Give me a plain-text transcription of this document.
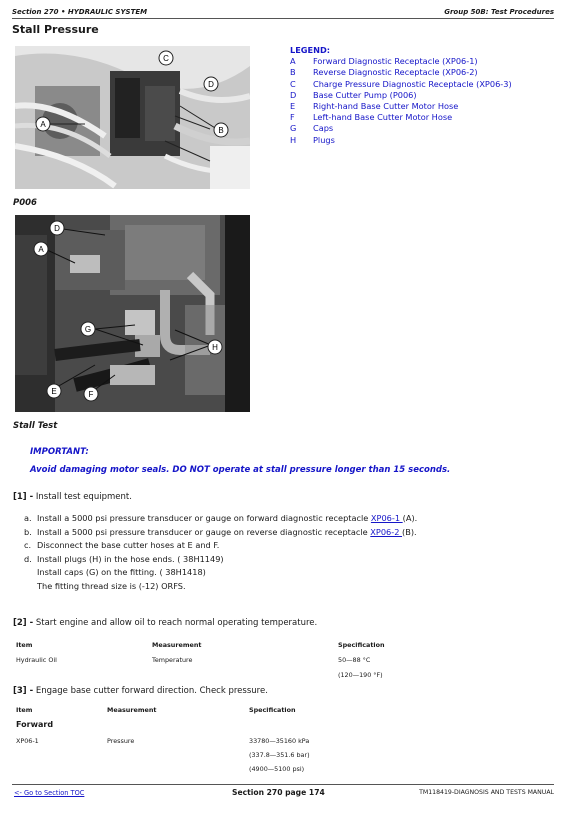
Section 270 • HYDRAULIC SYSTEM	Group 50B: Test Procedures
Stall Pressure
A
B
C
D
LEGEND:
A	Forward Diagnostic Receptacle (XP06-1)
B	Reverse Diagnostic Receptacle (XP06-2)
C	Charge Pressure Diagnostic Receptacle (XP06-3)
D	Base Cutter Pump (P006)
E	Right-hand Base Cutter Motor Hose
F	Left-hand Base Cutter Motor Hose
G	Caps
H	Plugs
P006
D
A
G
H
E	F
Stall Test
IMPORTANT:
Avoid damaging motor seals. DO NOT operate at stall pressure longer than 15 seconds.
[1] - Install test equipment.
a. Install a 5000 psi pressure transducer or gauge on forward diagnostic receptacle XP06-1 (A).
b. Install a 5000 psi pressure transducer or gauge on reverse diagnostic receptacle XP06-2 (B).
c. Disconnect the base cutter hoses at E and F.
d. Install plugs (H) in the hose ends. ( 38H1149)
Install caps (G) on the fitting. ( 38H1418)
The fitting thread size is (-12) ORFS.
[2] - Start engine and allow oil to reach normal operating temperature.
Item	Measurement	Specification
Hydraulic Oil	Temperature	50—88 °C
(120—190 °F)
[3] - Engage base cutter forward direction. Check pressure.
Item	Measurement	Specification
Forward
XP06-1	Pressure	33780—35160 kPa
(337.8—351.6 bar)
(4900—5100 psi)
<- Go to Section TOC	Section 270 page 174	TM118419-DIAGNOSIS AND TESTS MANUAL
